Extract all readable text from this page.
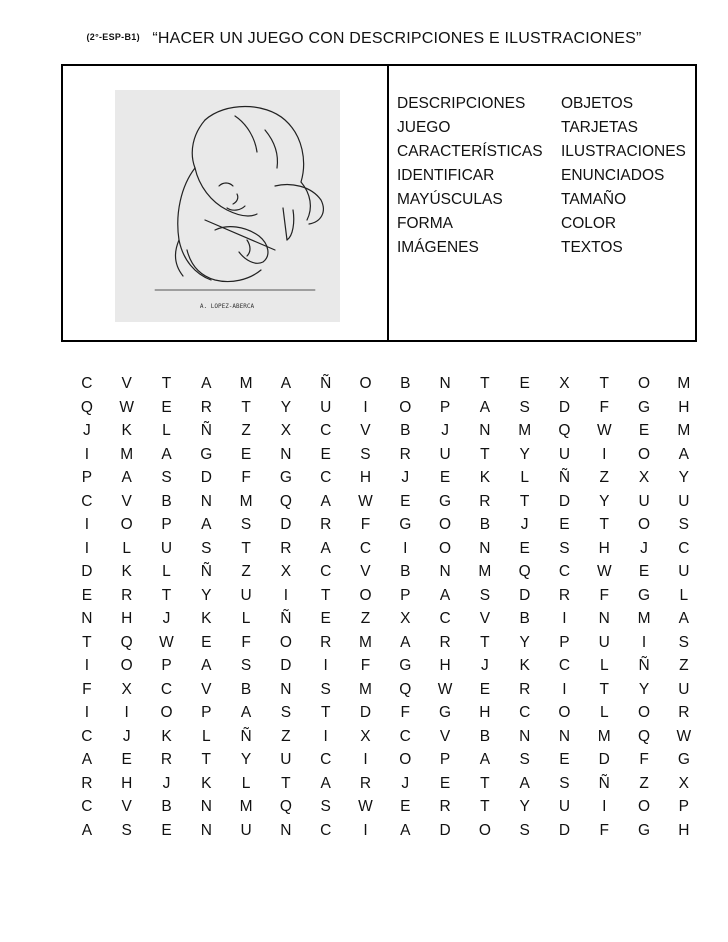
(2°-ESP-B1) “HACER UN JUEGO CON DESCRIPCIONES E ILUSTRACIONES”
A. LOPEZ-ABERCA
DESCRIPCIONES OBJETOS
JUEGO	TARJETAS
CARACTERÍSTICAS ILUSTRACIONES
IDENTIFICAR	ENUNCIADOS
MAYÚSCULAS	TAMAÑO
FORMA	COLOR
IMÁGENES	TEXTOS
C	V	T	A	M	A	Ñ	O	B	N	T	E	X	T	O	M
Q	W	E	R	T	Y	U	I	O	P	A	S	D	F	G	H
J	K	L	Ñ	Z	X	C	V	B	J	N	M	Q	W	E	M
I	M	A	G	E	N	E	S	R	U	T	Y	U	I	O	A
P	A	S	D	F	G	C	H	J	E	K	L	Ñ	Z	X	Y
C	V	B	N	M	Q	A	W	E	G	R	T	D	Y	U	U
I	O	P	A	S	D	R	F	G	O	B	J	E	T	O	S
I	L	U	S	T	R	A	C	I	O	N	E	S	H	J	C
D	K	L	Ñ	Z	X	C	V	B	N	M	Q	C	W	E	U
E	R	T	Y	U	I	T	O	P	A	S	D	R	F	G	L
N	H	J	K	L	Ñ	E	Z	X	C	V	B	I	N	M	A
T	Q	W	E	F	O	R	M	A	R	T	Y	P	U	I	S
I	O	P	A	S	D	I	F	G	H	J	K	C	L	Ñ	Z
F	X	C	V	B	N	S	M	Q	W	E	R	I	T	Y	U
I	I	O	P	A	S	T	D	F	G	H	C	O	L	O	R
C	J	K	L	Ñ	Z	I	X	C	V	B	N	N	M	Q	W
A	E	R	T	Y	U	C	I	O	P	A	S	E	D	F	G
R	H	J	K	L	T	A	R	J	E	T	A	S	Ñ	Z	X
C	V	B	N	M	Q	S	W	E	R	T	Y	U	I	O	P
A	S	E	N	U	N	C	I	A	D	O	S	D	F	G	H
